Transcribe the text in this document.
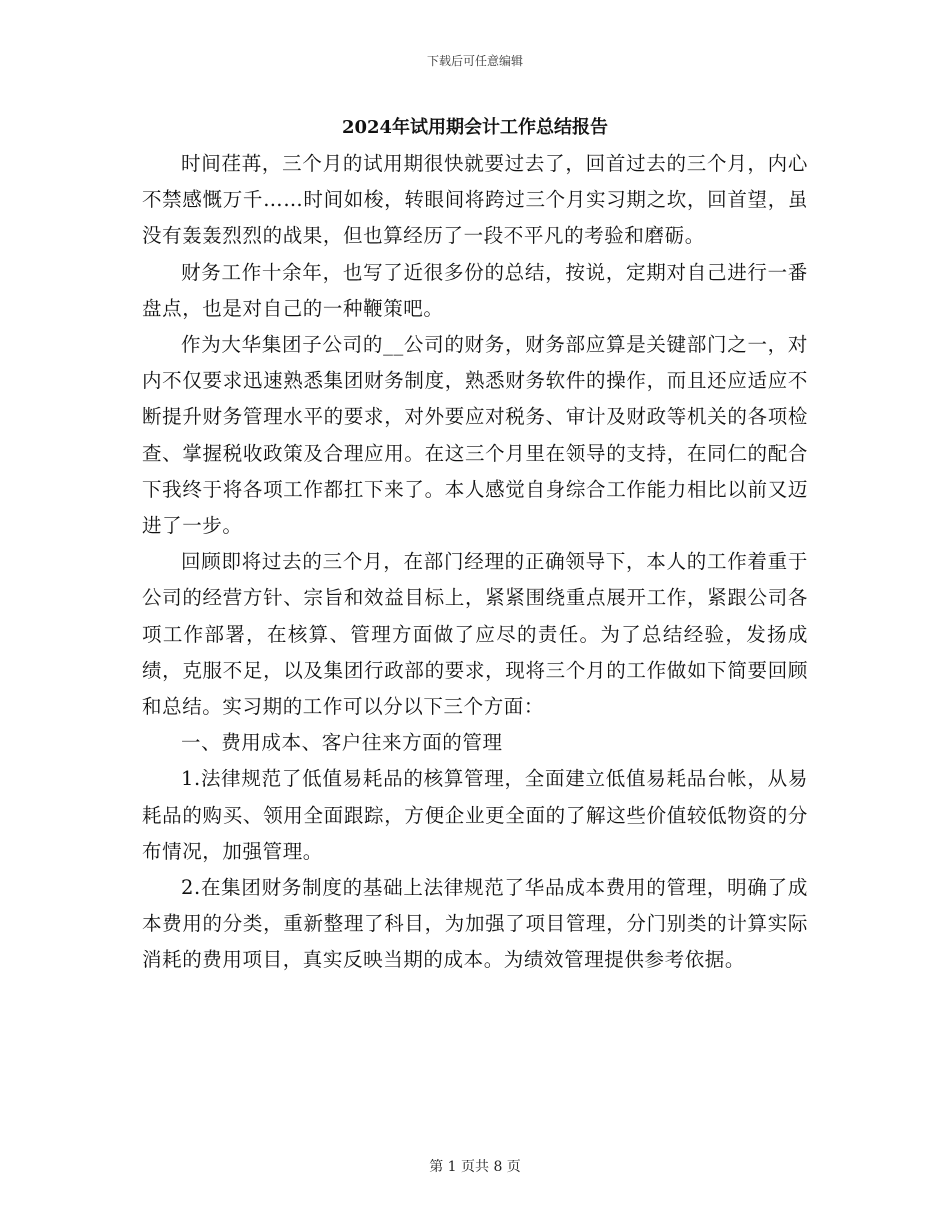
下载后可任意编辑
2024年试用期会计工作总结报告

时间荏苒，三个月的试用期很快就要过去了，回首过去的三个月，内心不禁感慨万千……时间如梭，转眼间将跨过三个月实习期之坎，回首望，虽没有轰轰烈烈的战果，但也算经历了一段不平凡的考验和磨砺。

财务工作十余年，也写了近很多份的总结，按说，定期对自己进行一番盘点，也是对自己的一种鞭策吧。

作为大华集团子公司的__公司的财务，财务部应算是关键部门之一，对内不仅要求迅速熟悉集团财务制度，熟悉财务软件的操作，而且还应适应不断提升财务管理水平的要求，对外要应对税务、审计及财政等机关的各项检查、掌握税收政策及合理应用。在这三个月里在领导的支持，在同仁的配合下我终于将各项工作都扛下来了。本人感觉自身综合工作能力相比以前又迈进了一步。

回顾即将过去的三个月，在部门经理的正确领导下，本人的工作着重于公司的经营方针、宗旨和效益目标上，紧紧围绕重点展开工作，紧跟公司各项工作部署，在核算、管理方面做了应尽的责任。为了总结经验，发扬成绩，克服不足，以及集团行政部的要求，现将三个月的工作做如下简要回顾和总结。实习期的工作可以分以下三个方面：

一、费用成本、客户往来方面的管理

1.法律规范了低值易耗品的核算管理，全面建立低值易耗品台帐，从易耗品的购买、领用全面跟踪，方便企业更全面的了解这些价值较低物资的分布情况，加强管理。

2.在集团财务制度的基础上法律规范了华品成本费用的管理，明确了成本费用的分类，重新整理了科目，为加强了项目管理，分门别类的计算实际消耗的费用项目，真实反映当期的成本。为绩效管理提供参考依据。

第 1 页共 8 页
